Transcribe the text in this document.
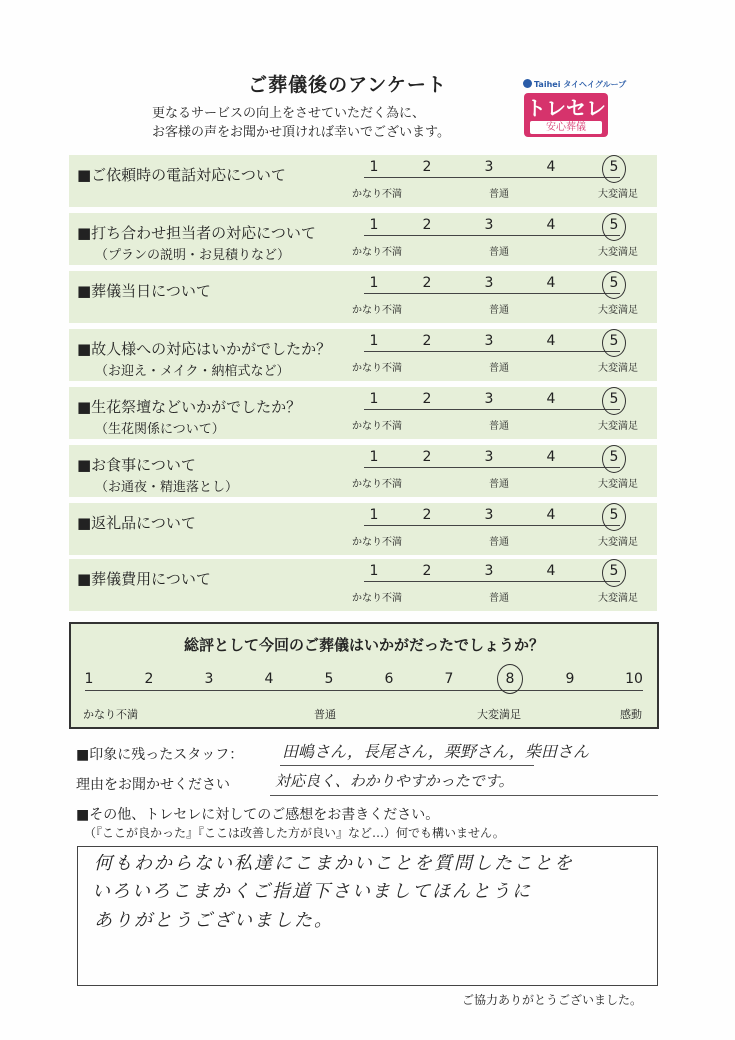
ご葬儀後のアンケート
更なるサービスの向上をさせていただく為に、
お客様の声をお聞かせ頂ければ幸いでございます。
Taihei タイヘイグループ
トレセレ
安心葬儀
■ご依頼時の電話対応について	1	2	3	4	5
かなり不満	普通	大変満足
■打ち合わせ担当者の対応について
（プランの説明・お見積りなど）
1	2	3	4	5
かなり不満	普通	大変満足
■葬儀当日について	1	2	3	4	5
かなり不満	普通	大変満足
■故人様への対応はいかがでしたか？
（お迎え・メイク・納棺式など）
1	2	3	4	5
かなり不満	普通	大変満足
■生花祭壇などいかがでしたか？
（生花関係について）
1	2	3	4	5
かなり不満	普通	大変満足
■お食事について
（お通夜・精進落とし）
1	2	3	4	5
かなり不満	普通	大変満足
■返礼品について	1	2	3	4	5
かなり不満	普通	大変満足
■葬儀費用について	1	2	3	4	5
かなり不満	普通	大変満足
総評として今回のご葬儀はいかがだったでしょうか？
1	2	3	4	5	6	7	8	9	10
かなり不満	普通	大変満足	感動
■印象に残ったスタッフ： 田嶋さん，長尾さん，栗野さん，柴田さん
理由をお聞かせください	対応良く、わかりやすかったです。
■その他、トレセレに対してのご感想をお書きください。
（『ここが良かった』『ここは改善した方が良い』など…）何でも構いません。
何もわからない私達にこまかいことを質問したことを
いろいろこまかくご指道下さいましてほんとうに
ありがとうございました。
ご協力ありがとうございました。
